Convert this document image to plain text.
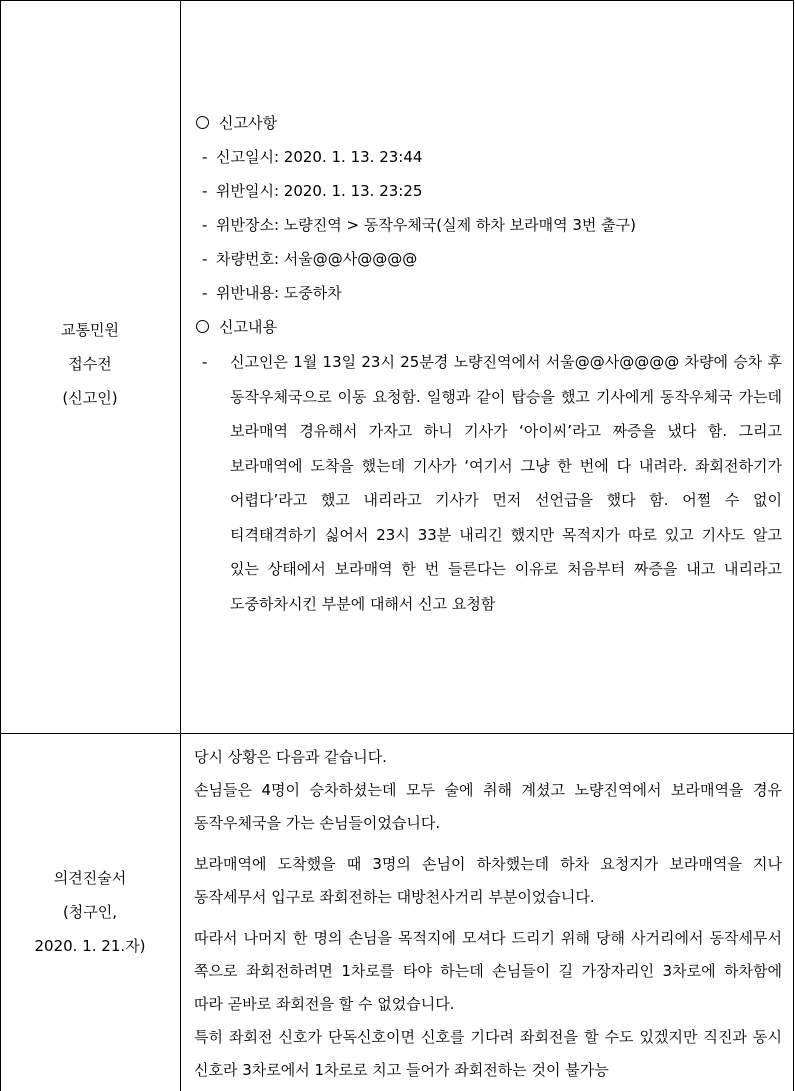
교통민원
접수전
(신고인)
신고사항
- 신고일시: 2020. 1. 13. 23:44
- 위반일시: 2020. 1. 13. 23:25
- 위반장소: 노량진역 > 동작우체국(실제 하차 보라매역 3번 출구)
- 차량번호: 서울@@사@@@@
- 위반내용: 도중하차
신고내용
- 신고인은 1월 13일 23시 25분경 노량진역에서 서울@@사@@@@ 차량에 승차 후 동작우체국으로 이동 요청함. 일행과 같이 탑승을 했고 기사에게 동작우체국 가는데 보라매역 경유해서 가자고 하니 기사가 ‘아이씨’라고 짜증을 냈다 함. 그리고 보라매역에 도착을 했는데 기사가 ‘여기서 그냥 한 번에 다 내려라. 좌회전하기가 어렵다’라고 했고 내리라고 기사가 먼저 선언급을 했다 함. 어쩔 수 없이 티격태격하기 싫어서 23시 33분 내리긴 했지만 목적지가 따로 있고 기사도 알고 있는 상태에서 보라매역 한 번 들른다는 이유로 처음부터 짜증을 내고 내리라고 도중하차시킨 부분에 대해서 신고 요청함
의견진술서
(청구인,
2020. 1. 21.자)
당시 상황은 다음과 같습니다.
손님들은 4명이 승차하셨는데 모두 술에 취해 계셨고 노량진역에서 보라매역을 경유 동작우체국을 가는 손님들이었습니다.
보라매역에 도착했을 때 3명의 손님이 하차했는데 하차 요청지가 보라매역을 지나 동작세무서 입구로 좌회전하는 대방천사거리 부분이었습니다.
따라서 나머지 한 명의 손님을 목적지에 모셔다 드리기 위해 당해 사거리에서 동작세무서 쪽으로 좌회전하려면 1차로를 타야 하는데 손님들이 길 가장자리인 3차로에 하차함에 따라 곧바로 좌회전을 할 수 없었습니다.
특히 좌회전 신호가 단독신호이면 신호를 기다려 좌회전을 할 수도 있겠지만 직진과 동시 신호라 3차로에서 1차로로 치고 들어가 좌회전하는 것이 불가능
